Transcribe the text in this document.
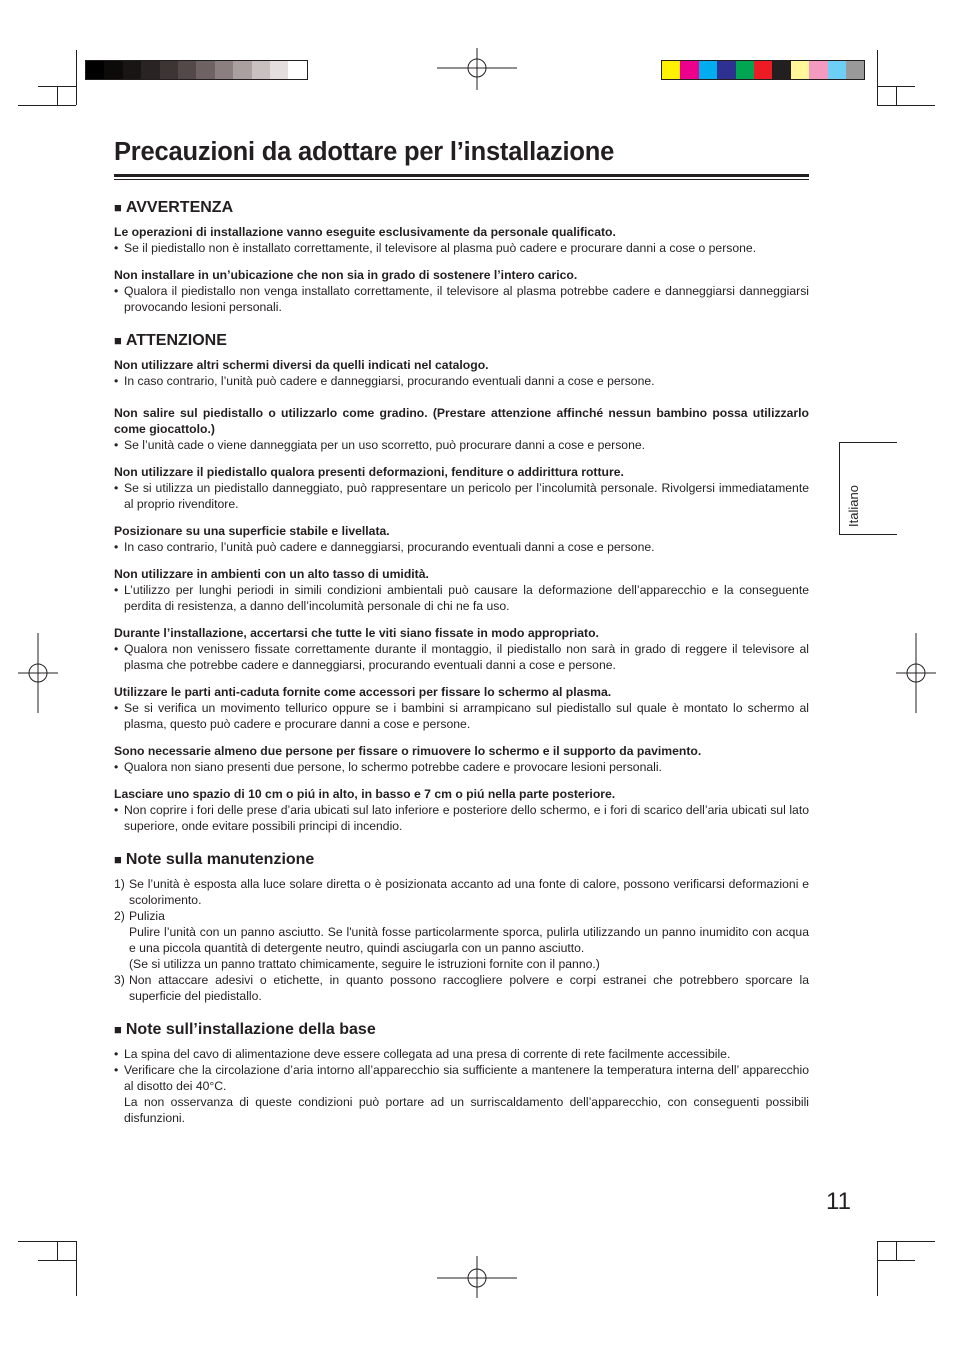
Precauzioni da adottare per l’installazione
Italiano
■ AVVERTENZA

Le operazioni di installazione vanno eseguite esclusivamente da personale qualificato.

• Se il piedistallo non è installato correttamente, il televisore al plasma può cadere e procurare danni a cose o persone.

Non installare in un’ubicazione che non sia in grado di sostenere l’intero carico.

• Qualora il piedistallo non venga installato correttamente, il televisore al plasma potrebbe cadere e danneggiarsi danneggiarsi provocando lesioni personali.
■ ATTENZIONE

Non utilizzare altri schermi diversi da quelli indicati nel catalogo.

• In caso contrario, l’unità può cadere e danneggiarsi, procurando eventuali danni a cose e persone.

Non salire sul piedistallo o utilizzarlo come gradino. (Prestare attenzione affinché nessun bambino possa utilizzarlo come giocattolo.)

• Se l’unità cade o viene danneggiata per un uso scorretto, può procurare danni a cose e persone.

Non utilizzare il piedistallo qualora presenti deformazioni, fenditure o addirittura rotture.

• Se si utilizza un piedistallo danneggiato, può rappresentare un pericolo per l’incolumità personale. Rivolgersi immediatamente al proprio rivenditore.

Posizionare su una superficie stabile e livellata.

• In caso contrario, l’unità può cadere e danneggiarsi, procurando eventuali danni a cose e persone.

Non utilizzare in ambienti con un alto tasso di umidità.

• L’utilizzo per lunghi periodi in simili condizioni ambientali può causare la deformazione dell’apparecchio e la conseguente perdita di resistenza, a danno dell’incolumità personale di chi ne fa uso.

Durante l’installazione, accertarsi che tutte le viti siano fissate in modo appropriato.

• Qualora non venissero fissate correttamente durante il montaggio, il piedistallo non sarà in grado di reggere il televisore al plasma che potrebbe cadere e danneggiarsi, procurando eventuali danni a cose e persone.

Utilizzare le parti anti-caduta fornite come accessori per fissare lo schermo al plasma.

• Se si verifica un movimento tellurico oppure se i bambini si arrampicano sul piedistallo sul quale è montato lo schermo al plasma, questo può cadere e procurare danni a cose e persone.

Sono necessarie almeno due persone per fissare o rimuovere lo schermo e il supporto da pavimento.

• Qualora non siano presenti due persone, lo schermo potrebbe cadere e provocare lesioni personali.

Lasciare uno spazio di 10 cm o piú in alto, in basso e 7 cm o piú nella parte posteriore.

• Non coprire i fori delle prese d’aria ubicati sul lato inferiore e posteriore dello schermo, e i fori di scarico dell’aria ubicati sul lato superiore, onde evitare possibili principi di incendio.
■ Note sulla manutenzione
1) Se l’unità è esposta alla luce solare diretta o è posizionata accanto ad una fonte di calore, possono verificarsi deformazioni e scolorimento.
2) Pulizia
Pulire l’unità con un panno asciutto. Se l'unità fosse particolarmente sporca, pulirla utilizzando un panno inumidito con acqua e una piccola quantità di detergente neutro, quindi asciugarla con un panno asciutto.
(Se si utilizza un panno trattato chimicamente, seguire le istruzioni fornite con il panno.)
3) Non attaccare adesivi o etichette, in quanto possono raccogliere polvere e corpi estranei che potrebbero sporcare la superficie del piedistallo.
■ Note sull’installazione della base
• La spina del cavo di alimentazione deve essere collegata ad una presa di corrente di rete facilmente accessibile.
• Verificare che la circolazione d’aria intorno all’apparecchio sia sufficiente a mantenere la temperatura interna dell’ apparecchio al disotto dei 40°C.
La non osservanza di queste condizioni può portare ad un surriscaldamento dell’apparecchio, con conseguenti possibili disfunzioni.
11
